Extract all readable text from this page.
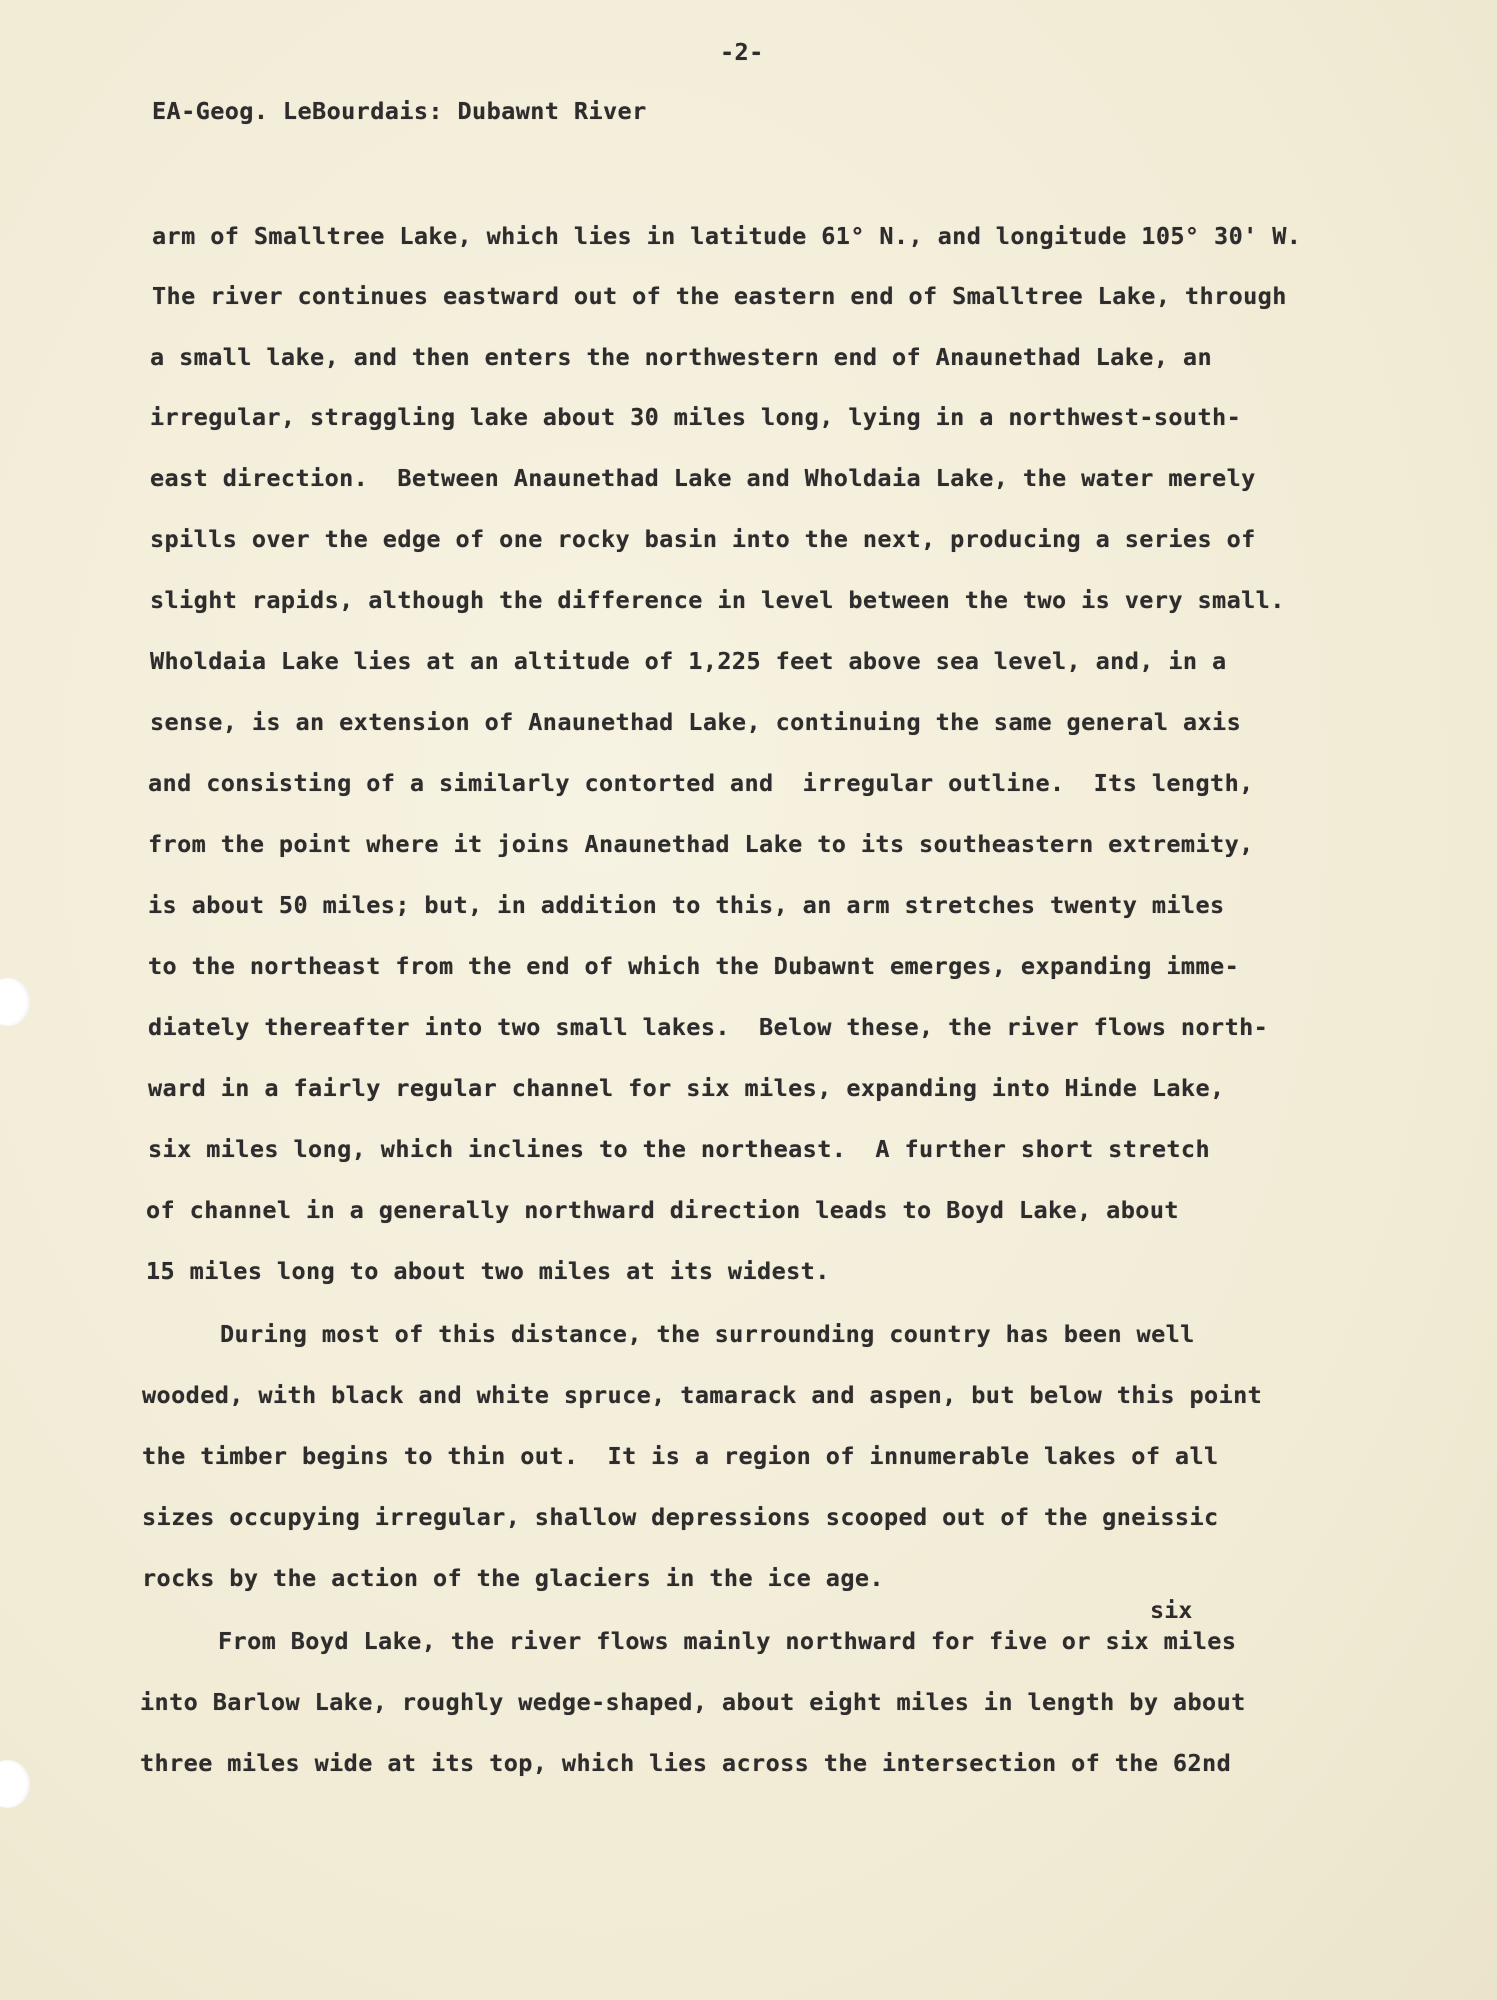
-2-
EA-Geog. LeBourdais: Dubawnt River
arm of Smalltree Lake, which lies in latitude 61° N., and longitude 105° 30' W.
The river continues eastward out of the eastern end of Smalltree Lake, through
a small lake, and then enters the northwestern end of Anaunethad Lake, an
irregular, straggling lake about 30 miles long, lying in a northwest-south-
east direction.  Between Anaunethad Lake and Wholdaia Lake, the water merely
spills over the edge of one rocky basin into the next, producing a series of
slight rapids, although the difference in level between the two is very small.
Wholdaia Lake lies at an altitude of 1,225 feet above sea level, and, in a
sense, is an extension of Anaunethad Lake, continuing the same general axis
and consisting of a similarly contorted and  irregular outline.  Its length,
from the point where it joins Anaunethad Lake to its southeastern extremity,
is about 50 miles; but, in addition to this, an arm stretches twenty miles
to the northeast from the end of which the Dubawnt emerges, expanding imme-
diately thereafter into two small lakes.  Below these, the river flows north-
ward in a fairly regular channel for six miles, expanding into Hinde Lake,
six miles long, which inclines to the northeast.  A further short stretch
of channel in a generally northward direction leads to Boyd Lake, about
15 miles long to about two miles at its widest.
During most of this distance, the surrounding country has been well
wooded, with black and white spruce, tamarack and aspen, but below this point
the timber begins to thin out.  It is a region of innumerable lakes of all
sizes occupying irregular, shallow depressions scooped out of the gneissic
rocks by the action of the glaciers in the ice age.
From Boyd Lake, the river flows mainly northward for five or six miles
into Barlow Lake, roughly wedge-shaped, about eight miles in length by about
three miles wide at its top, which lies across the intersection of the 62nd
six
